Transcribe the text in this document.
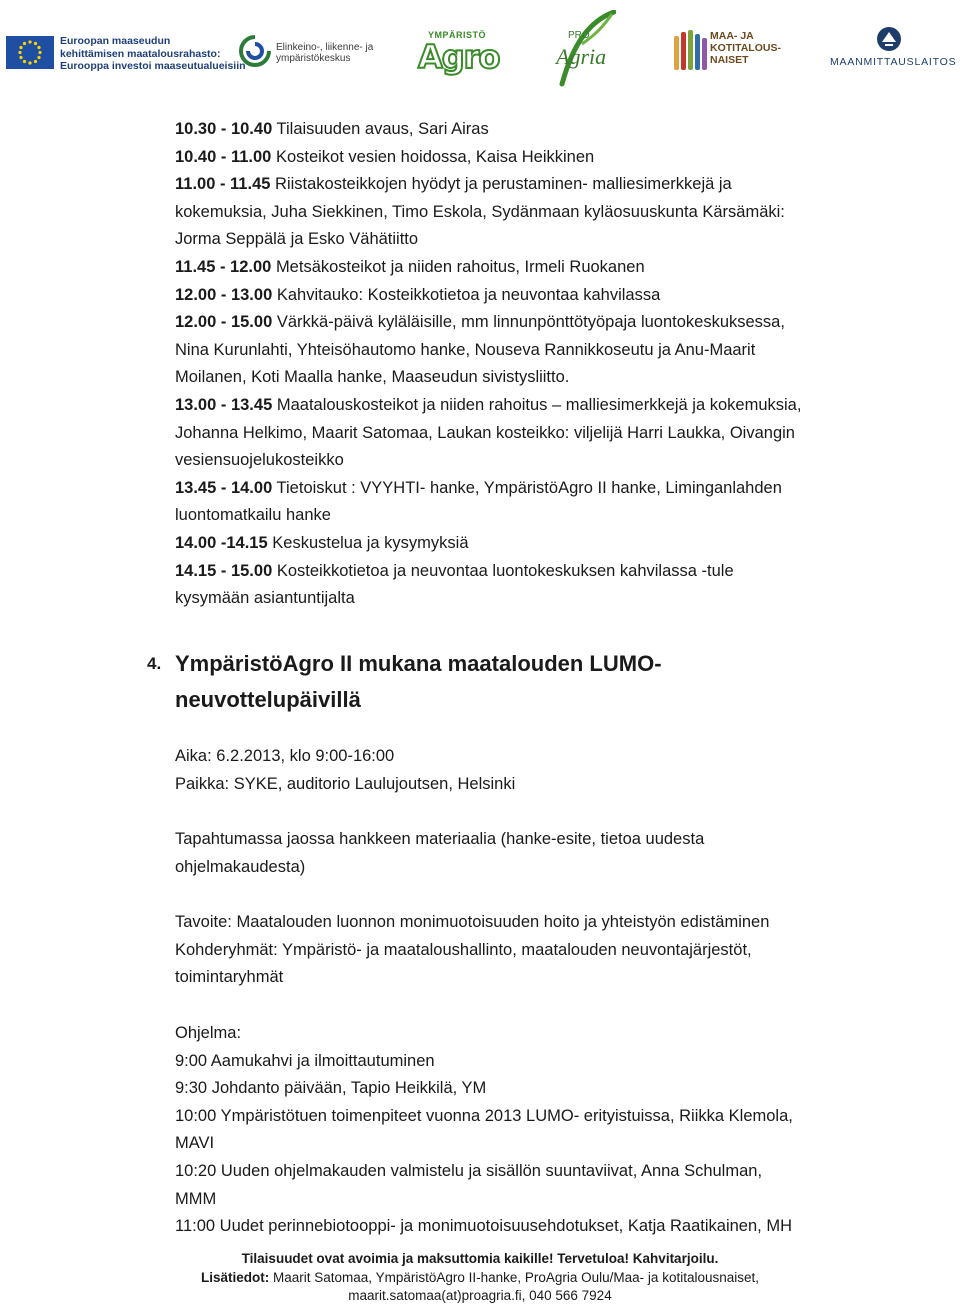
Euroopan maaseudun
kehittämisen maatalousrahasto:
Eurooppa investoi maaseutualueisiin
Elinkeino-, liikenne- ja
ympäristökeskus
YMPÄRISTÖ
Agro
PRO
Agria
MAA- JA
KOTITALOUS-
NAISET	MAANMITTAUSLAITOS
10.30 - 10.40 Tilaisuuden avaus, Sari Airas
10.40 - 11.00 Kosteikot vesien hoidossa, Kaisa Heikkinen
11.00 - 11.45 Riistakosteikkojen hyödyt ja perustaminen- malliesimerkkejä ja
kokemuksia, Juha Siekkinen, Timo Eskola, Sydänmaan kyläosuuskunta Kärsämäki:
Jorma Seppälä ja Esko Vähätiitto
11.45 - 12.00 Metsäkosteikot ja niiden rahoitus, Irmeli Ruokanen
12.00 - 13.00 Kahvitauko: Kosteikkotietoa ja neuvontaa kahvilassa
12.00 - 15.00 Värkkä-päivä kyläläisille, mm linnunpönttötyöpaja luontokeskuksessa,
Nina Kurunlahti, Yhteisöhautomo hanke, Nouseva Rannikkoseutu ja Anu-Maarit
Moilanen, Koti Maalla hanke, Maaseudun sivistysliitto.
13.00 - 13.45 Maatalouskosteikot ja niiden rahoitus – malliesimerkkejä ja kokemuksia,
Johanna Helkimo, Maarit Satomaa, Laukan kosteikko: viljelijä Harri Laukka, Oivangin
vesiensuojelukosteikko
13.45 - 14.00 Tietoiskut : VYYHTI- hanke, YmpäristöAgro II hanke, Liminganlahden
luontomatkailu hanke
14.00 -14.15 Keskustelua ja kysymyksiä
14.15 - 15.00 Kosteikkotietoa ja neuvontaa luontokeskuksen kahvilassa -tule
kysymään asiantuntijalta
4. YmpäristöAgro II mukana maatalouden LUMO-
neuvottelupäivillä
Aika: 6.2.2013, klo 9:00-16:00
Paikka: SYKE, auditorio Laulujoutsen, Helsinki
Tapahtumassa jaossa hankkeen materiaalia (hanke-esite, tietoa uudesta
ohjelmakaudesta)
Tavoite: Maatalouden luonnon monimuotoisuuden hoito ja yhteistyön edistäminen
Kohderyhmät: Ympäristö- ja maataloushallinto, maatalouden neuvontajärjestöt,
toimintaryhmät
Ohjelma:
9:00 Aamukahvi ja ilmoittautuminen
9:30 Johdanto päivään, Tapio Heikkilä, YM
10:00 Ympäristötuen toimenpiteet vuonna 2013 LUMO- erityistuissa, Riikka Klemola,
MAVI
10:20 Uuden ohjelmakauden valmistelu ja sisällön suuntaviivat, Anna Schulman,
MMM
11:00 Uudet perinnebiotooppi- ja monimuotoisuusehdotukset, Katja Raatikainen, MH
Tilaisuudet ovat avoimia ja maksuttomia kaikille! Tervetuloa! Kahvitarjoilu.
Lisätiedot: Maarit Satomaa, YmpäristöAgro II-hanke, ProAgria Oulu/Maa- ja kotitalousnaiset,
maarit.satomaa(at)proagria.fi, 040 566 7924
